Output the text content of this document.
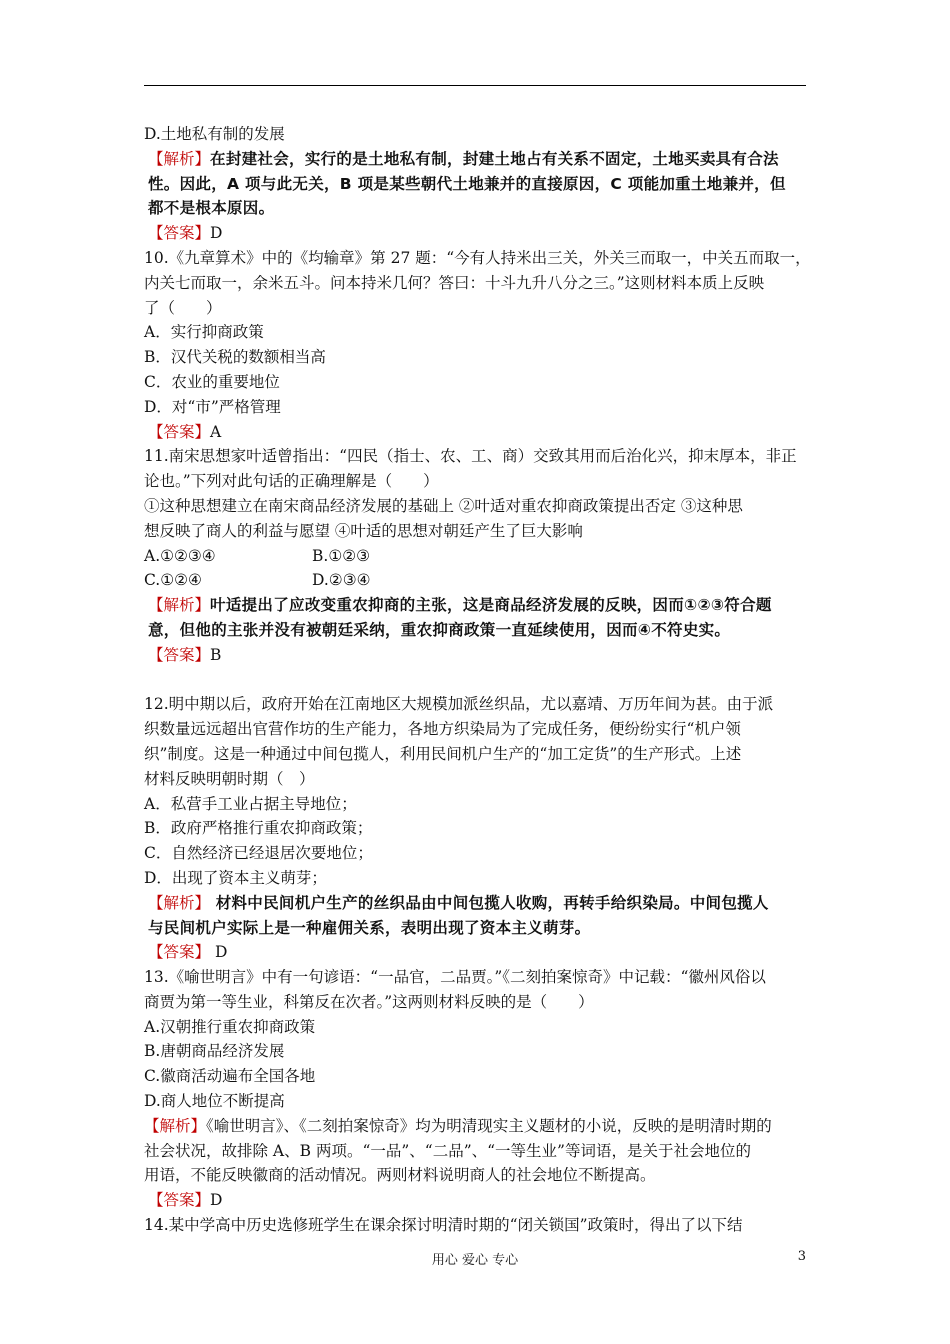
D.土地私有制的发展
【解析】在封建社会，实行的是土地私有制，封建土地占有关系不固定，土地买卖具有合法
性。因此，A 项与此无关，B 项是某些朝代土地兼并的直接原因，C 项能加重土地兼并，但
都不是根本原因。
【答案】D
10.《九章算术》中的《均输章》第 27 题：“今有人持米出三关，外关三而取一，中关五而取一，
内关七而取一，余米五斗。问本持米几何？答曰：十斗九升八分之三。”这则材料本质上反映
了（　　）
A．实行抑商政策
B．汉代关税的数额相当高
C．农业的重要地位
D．对“市”严格管理
【答案】A
11.南宋思想家叶适曾指出：“四民（指士、农、工、商）交致其用而后治化兴，抑末厚本，非正
论也。”下列对此句话的正确理解是（　　）
①这种思想建立在南宋商品经济发展的基础上 ②叶适对重农抑商政策提出否定 ③这种思
想反映了商人的利益与愿望 ④叶适的思想对朝廷产生了巨大影响
A.①②③④	B.①②③
C.①②④	D.②③④
【解析】叶适提出了应改变重农抑商的主张，这是商品经济发展的反映，因而①②③符合题
意，但他的主张并没有被朝廷采纳，重农抑商政策一直延续使用，因而④不符史实。
【答案】B
12.明中期以后，政府开始在江南地区大规模加派丝织品，尤以嘉靖、万历年间为甚。由于派
织数量远远超出官营作坊的生产能力，各地方织染局为了完成任务，便纷纷实行“机户领
织”制度。这是一种通过中间包揽人，利用民间机户生产的“加工定货”的生产形式。上述
材料反映明朝时期（　）
A．私营手工业占据主导地位；
B．政府严格推行重农抑商政策；
C．自然经济已经退居次要地位；
D．出现了资本主义萌芽；
【解析】 材料中民间机户生产的丝织品由中间包揽人收购，再转手给织染局。中间包揽人
与民间机户实际上是一种雇佣关系，表明出现了资本主义萌芽。
【答案】 D
13.《喻世明言》中有一句谚语：“一品官，二品贾。”《二刻拍案惊奇》中记载：“徽州风俗以
商贾为第一等生业，科第反在次者。”这两则材料反映的是（　　）
A.汉朝推行重农抑商政策
B.唐朝商品经济发展
C.徽商活动遍布全国各地
D.商人地位不断提高
【解析】《喻世明言》、《二刻拍案惊奇》均为明清现实主义题材的小说，反映的是明清时期的
社会状况，故排除 A、B 两项。“一品”、“二品”、“一等生业”等词语，是关于社会地位的
用语，不能反映徽商的活动情况。两则材料说明商人的社会地位不断提高。
【答案】D
14.某中学高中历史选修班学生在课余探讨明清时期的“闭关锁国”政策时，得出了以下结
用心 爱心 专心	3
